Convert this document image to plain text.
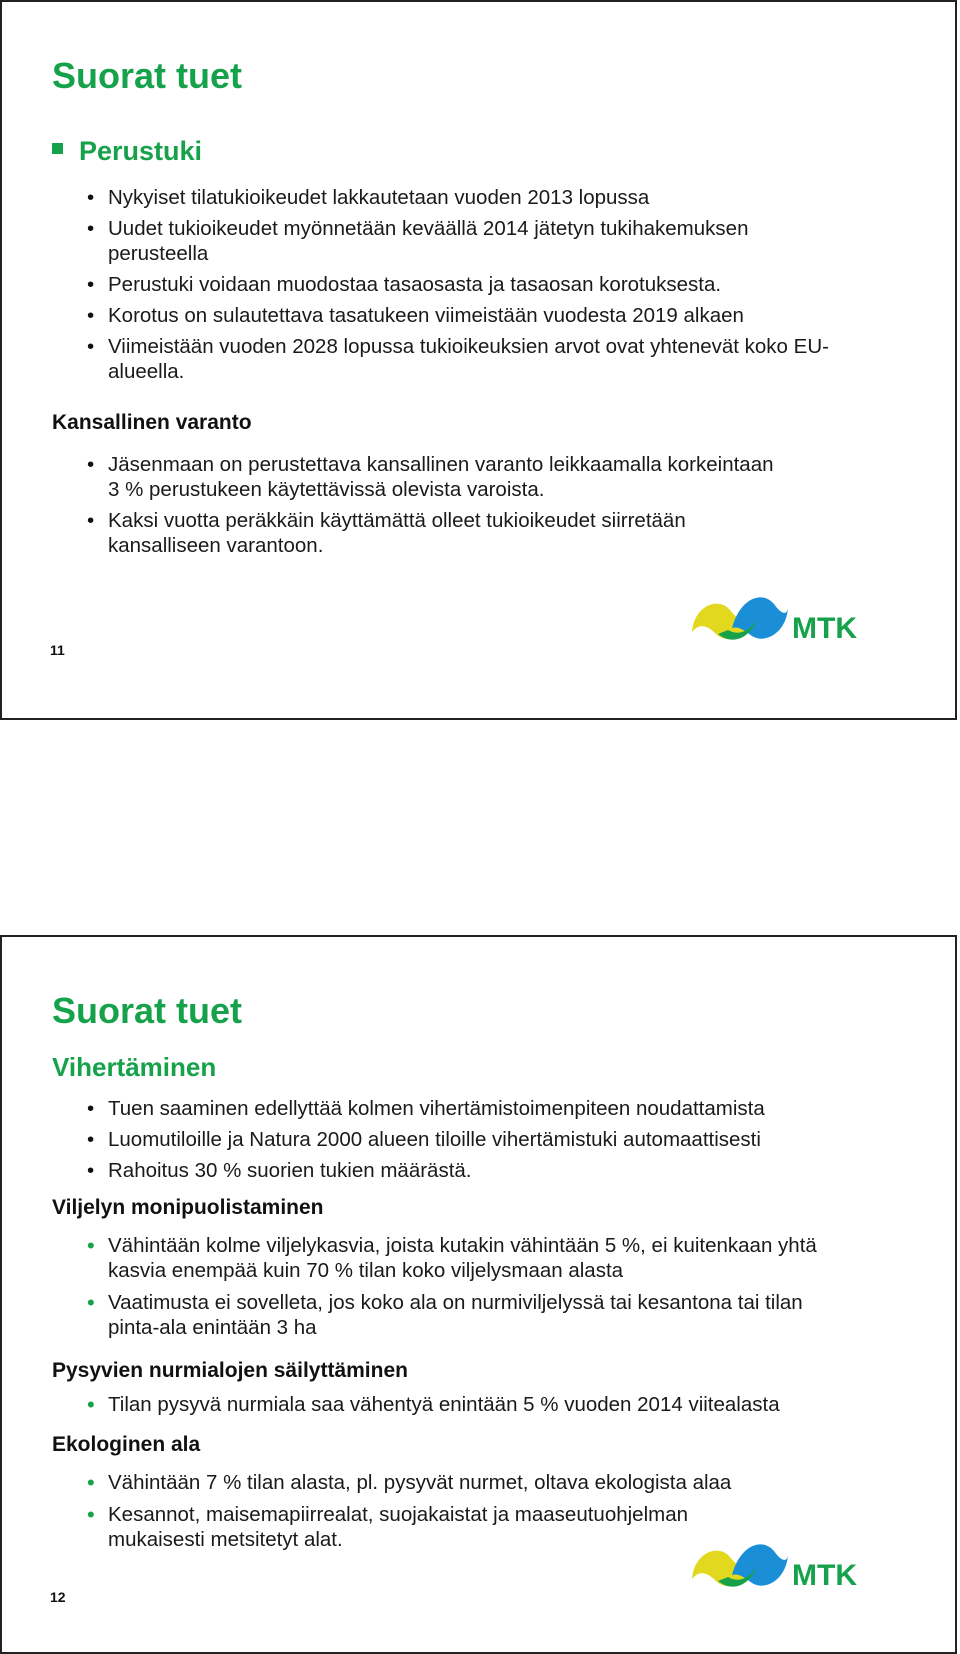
Suorat tuet
Perustuki
• Nykyiset tilatukioikeudet lakkautetaan vuoden 2013 lopussa
• Uudet tukioikeudet myönnetään keväällä 2014 jätetyn tukihakemuksen perusteella
• Perustuki voidaan muodostaa tasaosasta ja tasaosan korotuksesta.
• Korotus on sulautettava tasatukeen viimeistään vuodesta 2019 alkaen
• Viimeistään vuoden 2028 lopussa tukioikeuksien arvot ovat yhtenevät koko EU-alueella.
Kansallinen varanto
• Jäsenmaan on perustettava kansallinen varanto leikkaamalla korkeintaan 3 % perustukeen käytettävissä olevista varoista.
• Kaksi vuotta peräkkäin käyttämättä olleet tukioikeudet siirretään kansalliseen varantoon.
11
MTK
Suorat tuet
Vihertäminen
• Tuen saaminen edellyttää kolmen vihertämistoimenpiteen noudattamista
• Luomutiloille ja Natura 2000 alueen tiloille vihertämistuki automaattisesti
• Rahoitus 30 % suorien tukien määrästä.
Viljelyn monipuolistaminen
• Vähintään kolme viljelykasvia, joista kutakin vähintään 5 %, ei kuitenkaan yhtä kasvia enempää kuin 70 % tilan koko viljelysmaan alasta
• Vaatimusta ei sovelleta, jos koko ala on nurmiviljelyssä tai kesantona tai tilan pinta-ala enintään 3 ha
Pysyvien nurmialojen säilyttäminen
• Tilan pysyvä nurmiala saa vähentyä enintään 5 % vuoden 2014 viitealasta
Ekologinen ala
• Vähintään 7 % tilan alasta, pl. pysyvät nurmet, oltava ekologista alaa
• Kesannot, maisemapiirrealat, suojakaistat ja maaseutuohjelman mukaisesti metsitetyt alat.
12
MTK
